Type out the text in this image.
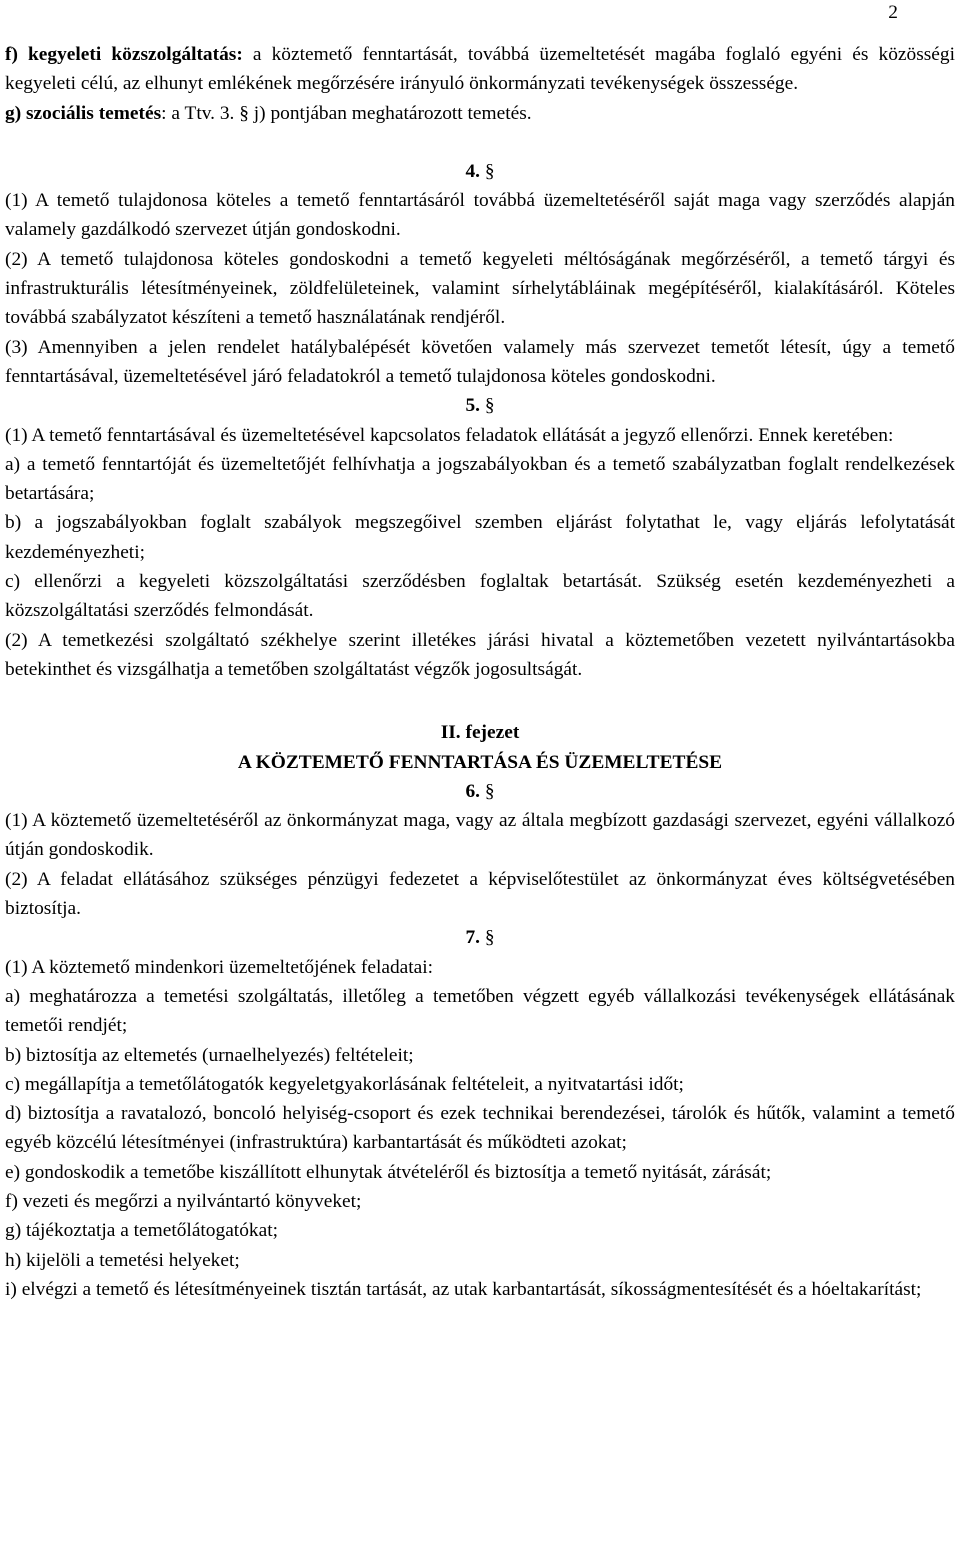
2

f) kegyeleti közszolgáltatás: a köztemető fenntartását, továbbá üzemeltetését magába foglaló egyéni és közösségi kegyeleti célú, az elhunyt emlékének megőrzésére irányuló önkormányzati tevékenységek összessége.

g) szociális temetés: a Ttv. 3. § j) pontjában meghatározott temetés.

4. §

(1) A temető tulajdonosa köteles a temető fenntartásáról továbbá üzemeltetéséről saját maga vagy szerződés alapján valamely gazdálkodó szervezet útján gondoskodni.

(2) A temető tulajdonosa köteles gondoskodni a temető kegyeleti méltóságának megőrzéséről, a temető tárgyi és infrastrukturális létesítményeinek, zöldfelületeinek, valamint sírhelytábláinak megépítéséről, kialakításáról. Köteles továbbá szabályzatot készíteni a temető használatának rendjéről.

(3) Amennyiben a jelen rendelet hatálybalépését követően valamely más szervezet temetőt létesít, úgy a temető fenntartásával, üzemeltetésével járó feladatokról a temető tulajdonosa köteles gondoskodni.

5. §

(1) A temető fenntartásával és üzemeltetésével kapcsolatos feladatok ellátását a jegyző ellenőrzi. Ennek keretében:

a) a temető fenntartóját és üzemeltetőjét felhívhatja a jogszabályokban és a temető szabályzatban foglalt rendelkezések betartására;

b) a jogszabályokban foglalt szabályok megszegőivel szemben eljárást folytathat le, vagy eljárás lefolytatását kezdeményezheti;

c) ellenőrzi a kegyeleti közszolgáltatási szerződésben foglaltak betartását. Szükség esetén kezdeményezheti a közszolgáltatási szerződés felmondását.

(2) A temetkezési szolgáltató székhelye szerint illetékes járási hivatal a köztemetőben vezetett nyilvántartásokba betekinthet és vizsgálhatja a temetőben szolgáltatást végzők jogosultságát.

II. fejezet
A KÖZTEMETŐ FENNTARTÁSA ÉS ÜZEMELTETÉSE
6. §

(1) A köztemető üzemeltetéséről az önkormányzat maga, vagy az általa megbízott gazdasági szervezet, egyéni vállalkozó útján gondoskodik.

(2) A feladat ellátásához szükséges pénzügyi fedezetet a képviselőtestület az önkormányzat éves költségvetésében biztosítja.

7. §

(1) A köztemető mindenkori üzemeltetőjének feladatai:

a) meghatározza a temetési szolgáltatás, illetőleg a temetőben végzett egyéb vállalkozási tevékenységek ellátásának temetői rendjét;

b) biztosítja az eltemetés (urnaelhelyezés) feltételeit;

c) megállapítja a temetőlátogatók kegyeletgyakorlásának feltételeit, a nyitvatartási időt;

d) biztosítja a ravatalozó, boncoló helyiség-csoport és ezek technikai berendezései, tárolók és hűtők, valamint a temető egyéb közcélú létesítményei (infrastruktúra) karbantartását és működteti azokat;

e) gondoskodik a temetőbe kiszállított elhunytak átvételéről és biztosítja a temető nyitását, zárását;

f) vezeti és megőrzi a nyilvántartó könyveket;

g) tájékoztatja a temetőlátogatókat;

h) kijelöli a temetési helyeket;

i) elvégzi a temető és létesítményeinek tisztán tartását, az utak karbantartását, síkosságmentesítését és a hóeltakarítást;
